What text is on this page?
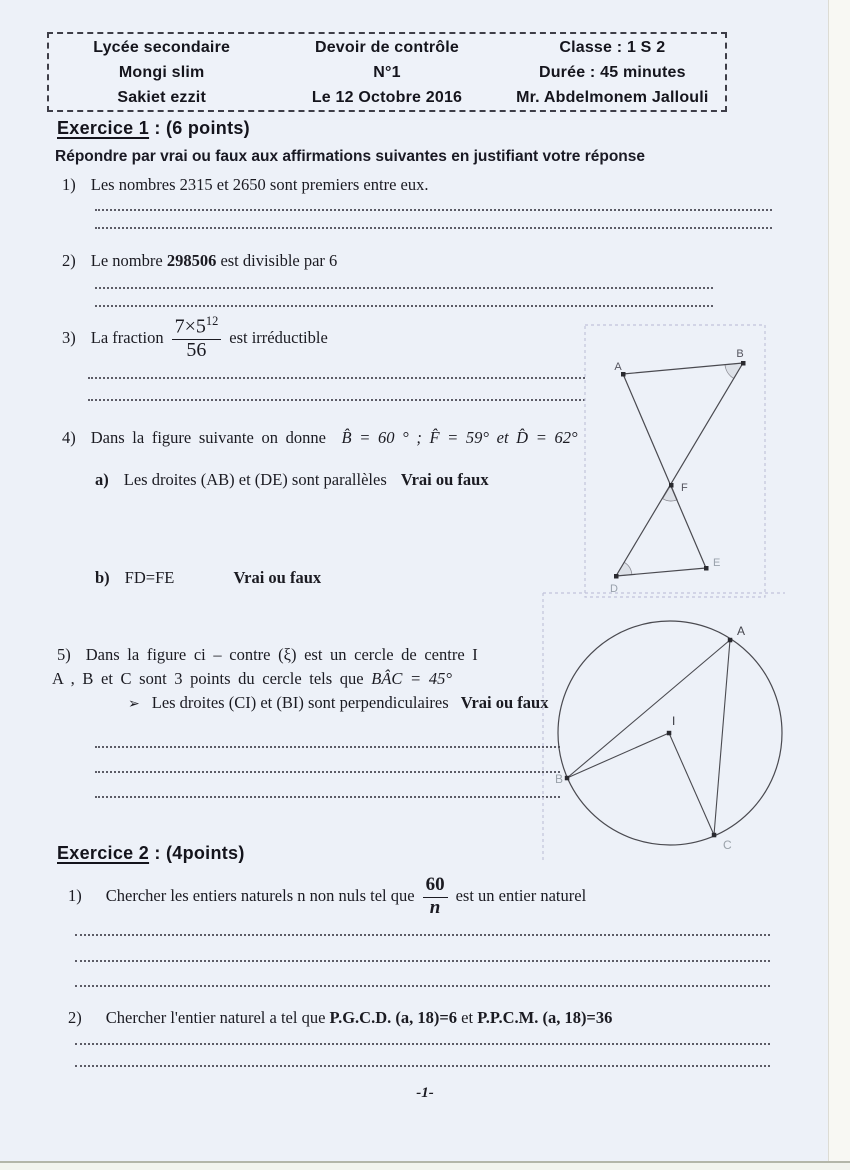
Lycée secondaire
Mongi slim
Sakiet ezzit
Devoir de contrôle
N°1
Le 12 Octobre 2016
Classe : 1 S 2
Durée : 45 minutes
Mr. Abdelmonem Jallouli
Exercice 1 : (6 points)
Répondre par vrai ou faux aux affirmations suivantes en justifiant votre réponse
1) Les nombres 2315 et 2650 sont premiers entre eux.
2) Le nombre 298506 est divisible par 6
3) La fraction $\frac{7\times 5^{12}}{56}$ est irréductible
4) Dans la figure suivante on donne B̂ = 60 ° ; F̂ = 59° et D̂ = 62°
a) Les droites (AB) et (DE) sont parallèles Vrai ou faux
b) FD=FE	Vrai ou faux
A
B
F
D
E
5) Dans la figure ci – contre (ξ) est un cercle de centre I
A , B et C sont 3 points du cercle tels que BÂC = 45°
➢ Les droites (CI) et (BI) sont perpendiculaires Vrai ou faux
A
B
C
I
Exercice 2 : (4points)
1) Chercher les entiers naturels n non nuls tel que $\frac{60}{n}$ est un entier naturel
2) Chercher l'entier naturel a tel que P.G.C.D. (a, 18)=6 et P.P.C.M. (a, 18)=36
-1-
